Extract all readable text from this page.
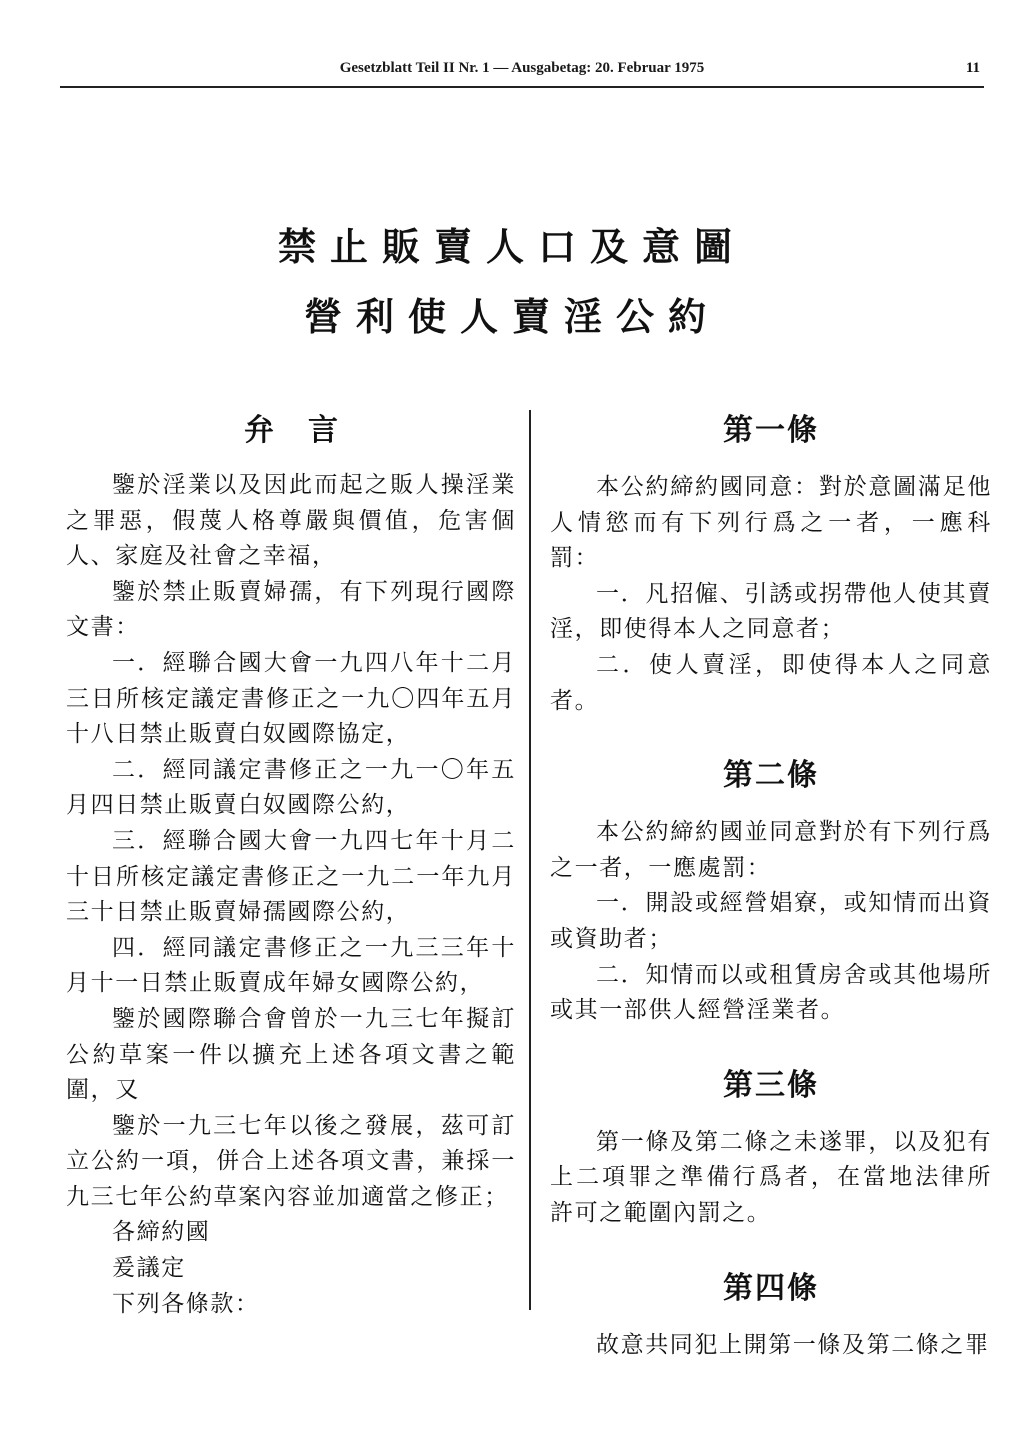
Gesetzblatt Teil II Nr. 1 — Ausgabetag: 20. Februar 1975	11
禁止販賣人口及意圖
營利使人賣淫公約
弁言

鑒於淫業以及因此而起之販人操淫業之罪惡，假蔑人格尊嚴與價值，危害個人、家庭及社會之幸福，

鑒於禁止販賣婦孺，有下列現行國際文書：

一．經聯合國大會一九四八年十二月三日所核定議定書修正之一九〇四年五月十八日禁止販賣白奴國際協定，

二．經同議定書修正之一九一〇年五月四日禁止販賣白奴國際公約，

三．經聯合國大會一九四七年十月二十日所核定議定書修正之一九二一年九月三十日禁止販賣婦孺國際公約，

四．經同議定書修正之一九三三年十月十一日禁止販賣成年婦女國際公約，

鑒於國際聯合會曾於一九三七年擬訂公約草案一件以擴充上述各項文書之範圍，又

鑒於一九三七年以後之發展，茲可訂立公約一項，併合上述各項文書，兼採一九三七年公約草案內容並加適當之修正；

各締約國

爰議定

下列各條款：

第一條

本公約締約國同意：對於意圖滿足他人情慾而有下列行爲之一者，一應科罰：

一．凡招僱、引誘或拐帶他人使其賣淫，即使得本人之同意者；

二．使人賣淫，即使得本人之同意者。

第二條

本公約締約國並同意對於有下列行爲之一者，一應處罰：

一．開設或經營娼寮，或知情而出資或資助者；

二．知情而以或租賃房舍或其他場所或其一部供人經營淫業者。

第三條

第一條及第二條之未遂罪，以及犯有上二項罪之準備行爲者，在當地法律所許可之範圍內罰之。

第四條

故意共同犯上開第一條及第二條之罪
